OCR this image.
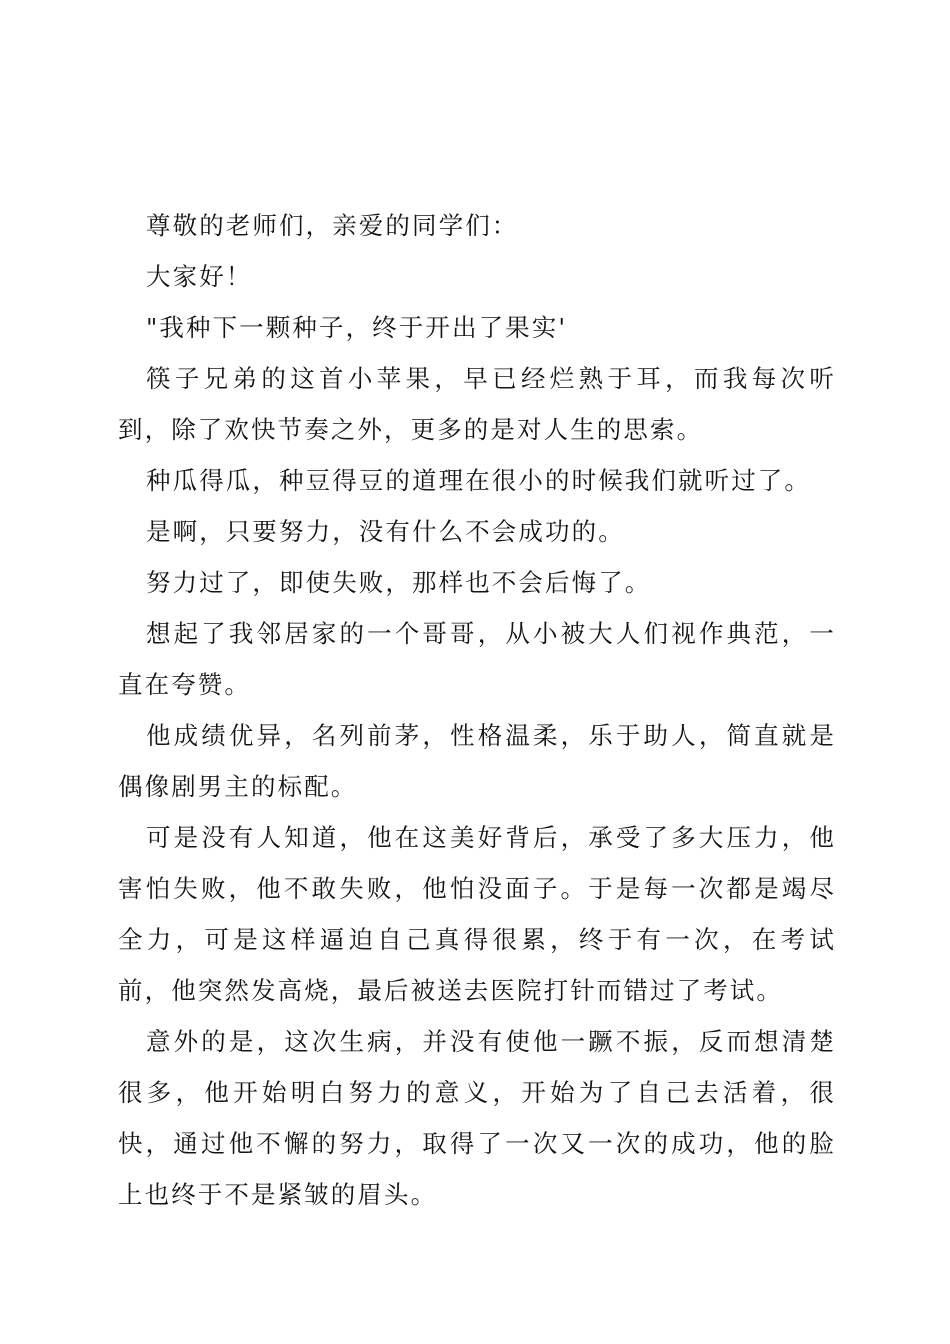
尊敬的老师们，亲爱的同学们：

大家好！

"我种下一颗种子，终于开出了果实'

筷子兄弟的这首小苹果，早已经烂熟于耳，而我每次听到，除了欢快节奏之外，更多的是对人生的思索。

种瓜得瓜，种豆得豆的道理在很小的时候我们就听过了。

是啊，只要努力，没有什么不会成功的。

努力过了，即使失败，那样也不会后悔了。

想起了我邻居家的一个哥哥，从小被大人们视作典范，一直在夸赞。

他成绩优异，名列前茅，性格温柔，乐于助人，简直就是偶像剧男主的标配。

可是没有人知道，他在这美好背后，承受了多大压力，他害怕失败，他不敢失败，他怕没面子。于是每一次都是竭尽全力，可是这样逼迫自己真得很累，终于有一次，在考试前，他突然发高烧，最后被送去医院打针而错过了考试。

意外的是，这次生病，并没有使他一蹶不振，反而想清楚很多，他开始明白努力的意义，开始为了自己去活着，很快，通过他不懈的努力，取得了一次又一次的成功，他的脸上也终于不是紧皱的眉头。
